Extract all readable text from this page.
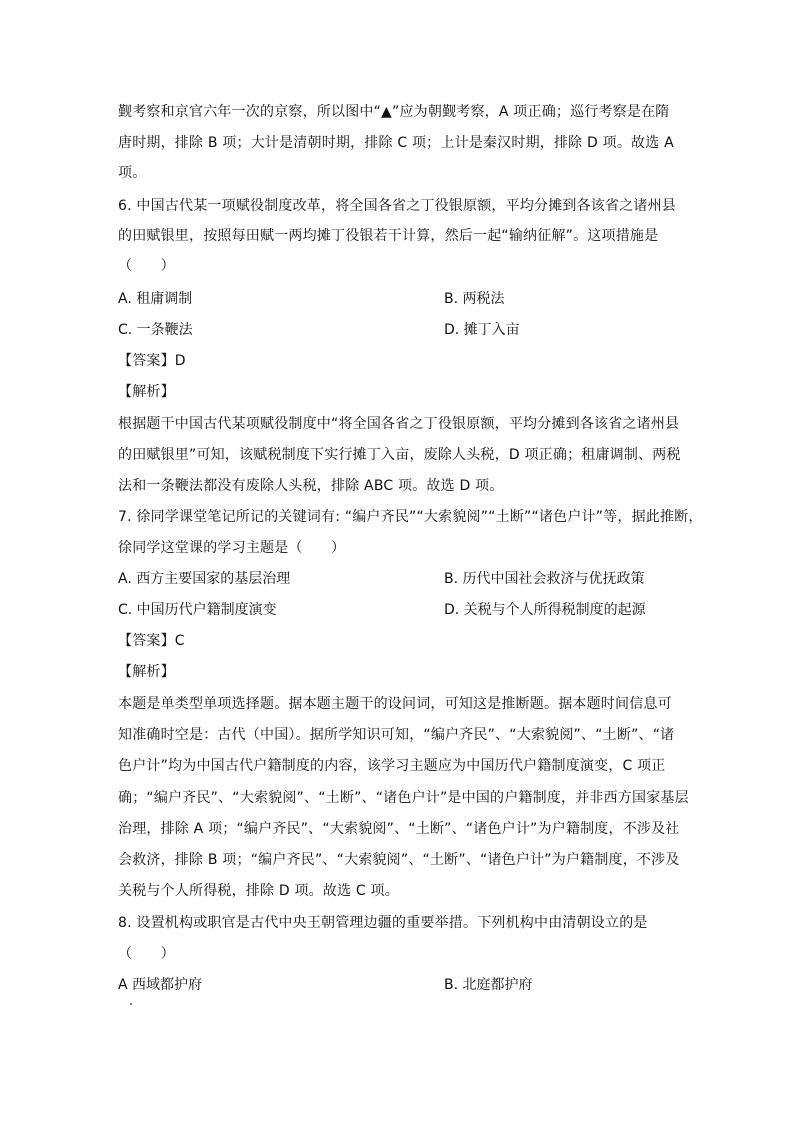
觐考察和京官六年一次的京察，所以图中“▲”应为朝觐考察，A 项正确；巡行考察是在隋
唐时期，排除 B 项；大计是清朝时期，排除 C 项；上计是秦汉时期，排除 D 项。故选 A
项。
6. 中国古代某一项赋役制度改革，将全国各省之丁役银原额，平均分摊到各该省之诸州县
的田赋银里，按照每田赋一两均摊丁役银若干计算，然后一起“输纳征解”。这项措施是
（　　）
A. 租庸调制	B. 两税法
C. 一条鞭法	D. 摊丁入亩
【答案】D
【解析】
根据题干中国古代某项赋役制度中“将全国各省之丁役银原额，平均分摊到各该省之诸州县
的田赋银里”可知，该赋税制度下实行摊丁入亩，废除人头税，D 项正确；租庸调制、两税
法和一条鞭法都没有废除人头税，排除 ABC 项。故选 D 项。
7. 徐同学课堂笔记所记的关键词有: “编户齐民”“大索貌阅”“土断”“诸色户计”等，据此推断，
徐同学这堂课的学习主题是（　　）
A. 西方主要国家的基层治理	B. 历代中国社会救济与优抚政策
C. 中国历代户籍制度演变	D. 关税与个人所得税制度的起源
【答案】C
【解析】
本题是单类型单项选择题。据本题主题干的设问词，可知这是推断题。据本题时间信息可
知准确时空是：古代（中国）。据所学知识可知，“编户齐民”、“大索貌阅”、“土断”、“诸
色户计”均为中国古代户籍制度的内容，该学习主题应为中国历代户籍制度演变，C 项正
确；“编户齐民”、“大索貌阅”、“土断”、“诸色户计”是中国的户籍制度，并非西方国家基层
治理，排除 A 项；“编户齐民”、“大索貌阅”、“土断”、“诸色户计”为户籍制度，不涉及社
会救济，排除 B 项；“编户齐民”、“大索貌阅”、“土断”、“诸色户计”为户籍制度，不涉及
关税与个人所得税，排除 D 项。故选 C 项。
8. 设置机构或职官是古代中央王朝管理边疆的重要举措。下列机构中由清朝设立的是
（　　）
A 西域都护府	B. 北庭都护府
